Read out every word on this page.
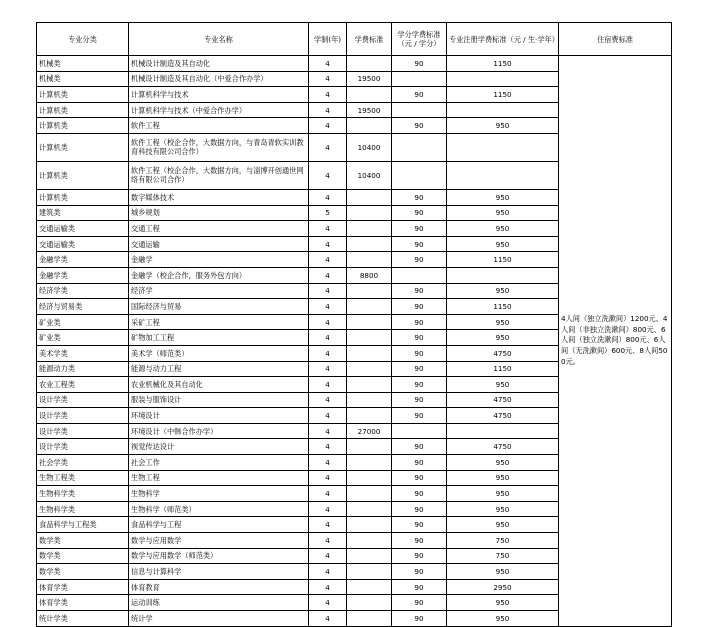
专业分类	专业名称	学制(年)	学费标准	学分学费标准（元 / 学分）	专业注册学费标准（元 / 生·学年）	住宿费标准
机械类	机械设计制造及其自动化	4		90	1150	4人间（独立洗漱间）1200元、4人间（非独立洗漱间）800元、6人间（独立洗漱间）800元、6人间（无洗漱间）600元、8人间500元。
机械类	机械设计制造及其自动化（中爱合作办学）	4	19500			
计算机类	计算机科学与技术	4		90	1150	
计算机类	计算机科学与技术（中爱合作办学）	4	19500			
计算机类	软件工程	4		90	950	
计算机类	软件工程（校企合作，大数据方向，与青岛青软实训教育科技有限公司合作）	4	10400			
计算机类	软件工程（校企合作，大数据方向，与淄博开创通世网络有限公司合作）	4	10400			
计算机类	数字媒体技术	4		90	950	
建筑类	城乡规划	5		90	950	
交通运输类	交通工程	4		90	950	
交通运输类	交通运输	4		90	950	
金融学类	金融学	4		90	1150	
金融学类	金融学（校企合作，服务外包方向）	4	8800			
经济学类	经济学	4		90	950	
经济与贸易类	国际经济与贸易	4		90	1150	
矿业类	采矿工程	4		90	950	
矿业类	矿物加工工程	4		90	950	
美术学类	美术学（师范类）	4		90	4750	
能源动力类	能源与动力工程	4		90	1150	
农业工程类	农业机械化及其自动化	4		90	950	
设计学类	服装与服饰设计	4		90	4750	
设计学类	环境设计	4		90	4750	
设计学类	环境设计（中韩合作办学）	4	27000			
设计学类	视觉传达设计	4		90	4750	
社会学类	社会工作	4		90	950	
生物工程类	生物工程	4		90	950	
生物科学类	生物科学	4		90	950	
生物科学类	生物科学（师范类）	4		90	950	
食品科学与工程类	食品科学与工程	4		90	950	
数学类	数学与应用数学	4		90	750	
数学类	数学与应用数学（师范类）	4		90	750	
数学类	信息与计算科学	4		90	950	
体育学类	体育教育	4		90	2950	
体育学类	运动训练	4		90	950	
统计学类	统计学	4		90	950	
